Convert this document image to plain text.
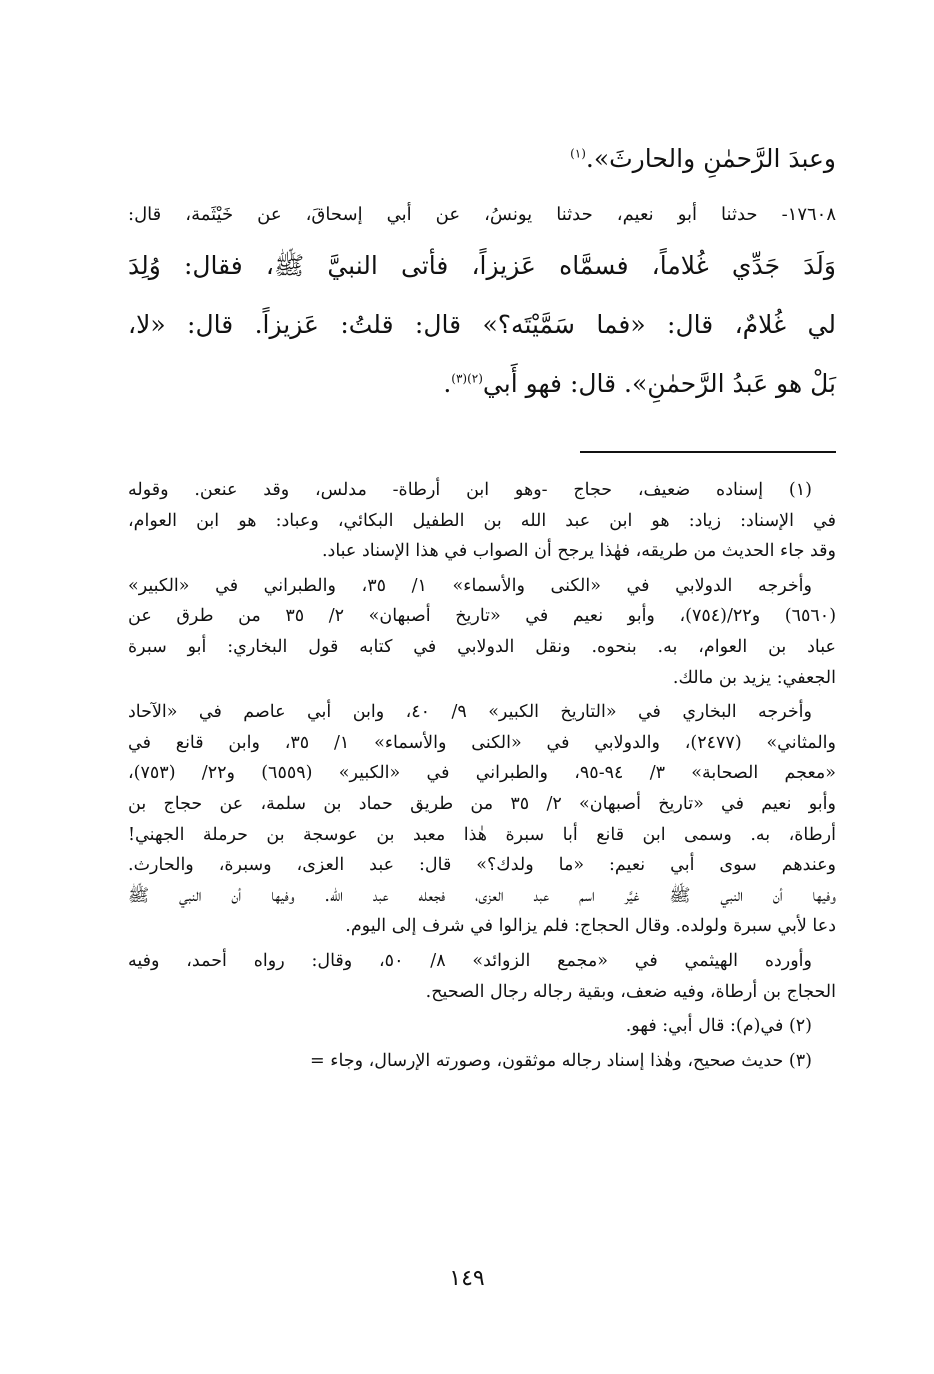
وعبدَ الرَّحمٰنِ والحارثَ».$^{(١)}$
١٧٦٠٨- حدثنا أبو نعيم، حدثنا يونسُ، عن أبي إسحاقَ، عن خَيْثَمة، قال:
وَلَدَ جَدِّي غُلاماً، فسمَّاه عَزيزاً، فأتى النبيَّ ﷺ، فقال: وُلِدَ
لي غُلامٌ، قال: «فما سَمَّيْتَه؟» قال: قلتُ: عَزيزاً. قال: «لا،
بَلْ هو عَبدُ الرَّحمٰنِ». قال: فهو أَبي$^{(٢)(٣)}$.
(١) إسناده ضعيف، حجاج -وهو ابن أرطاة- مدلس، وقد عنعن. وقوله
في الإسناد: زياد: هو ابن عبد الله بن الطفيل البكائي، وعباد: هو ابن العوام،
وقد جاء الحديث من طريقه، فهٰذا يرجح أن الصواب في هذا الإسناد عباد.
وأخرجه الدولابي في «الكنى والأسماء» ١/ ٣٥، والطبراني في «الكبير»
(٦٥٦٠) و٢٢/(٧٥٤)، وأبو نعيم في «تاريخ أصبهان» ٢/ ٣٥ من طرق عن
عباد بن العوام، به. بنحوه. ونقل الدولابي في كتابه قول البخاري: أبو سبرة
الجعفي: يزيد بن مالك.
وأخرجه البخاري في «التاريخ الكبير» ٩/ ٤٠، وابن أبي عاصم في «الآحاد
والمثاني» (٢٤٧٧)، والدولابي في «الكنى والأسماء» ١/ ٣٥، وابن قانع في
«معجم الصحابة» ٣/ ٩٤-٩٥، والطبراني في «الكبير» (٦٥٥٩) و٢٢/ (٧٥٣)،
وأبو نعيم في «تاريخ أصبهان» ٢/ ٣٥ من طريق حماد بن سلمة، عن حجاج بن
أرطاة، به. وسمى ابن قانع أبا سبرة هٰذا معبد بن عوسجة بن حرملة الجهني!
وعندهم سوى أبي نعيم: «ما ولدك؟» قال: عبد العزى، وسبرة، والحارث.
وفيها أن النبي ﷺ غيَّر اسم عبد العزى، فجعله عبد الله. وفيها أن النبي ﷺ
دعا لأبي سبرة ولولده. وقال الحجاج: فلم يزالوا في شرف إلى اليوم.
وأورده الهيثمي في «مجمع الزوائد» ٨/ ٥٠، وقال: رواه أحمد، وفيه
الحجاج بن أرطاة، وفيه ضعف، وبقية رجاله رجال الصحيح.
(٢) في(م): قال أبي: فهو.
(٣) حديث صحيح، وهٰذا إسناد رجاله موثقون، وصورته الإرسال، وجاء =
١٤٩
